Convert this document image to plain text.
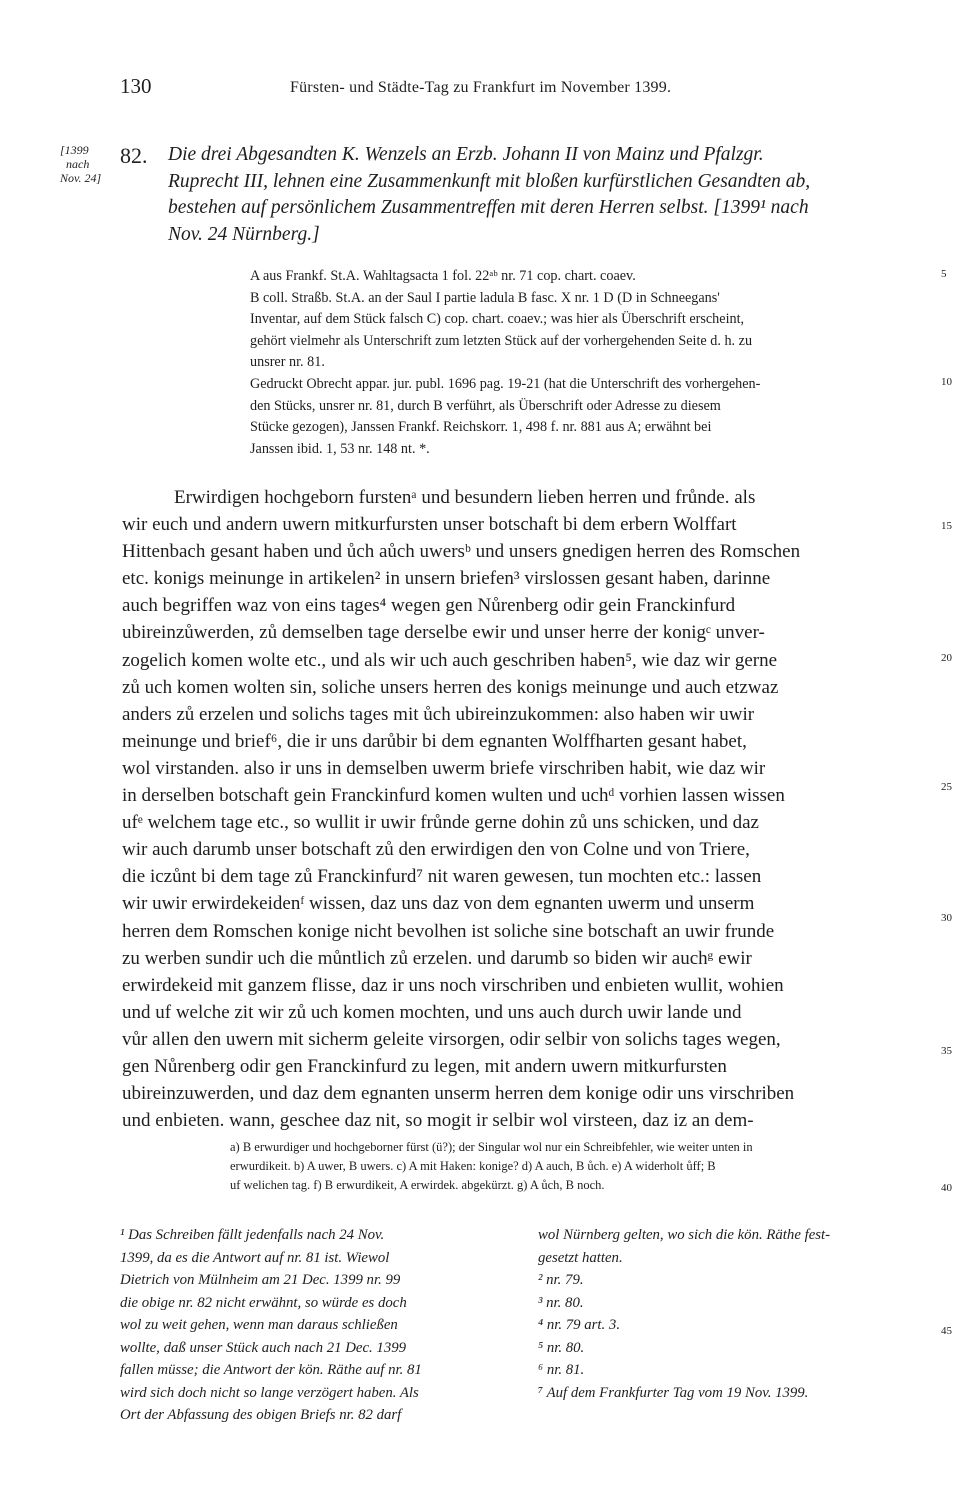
130	Fürsten- und Städte-Tag zu Frankfurt im November 1399.
[1399
nach
Nov. 24]
82. Die drei Abgesandten K. Wenzels an Erzb. Johann II von Mainz und Pfalzgr.
Ruprecht III, lehnen eine Zusammenkunft mit bloßen kurfürstlichen Gesandten ab,
bestehen auf persönlichem Zusammentreffen mit deren Herren selbst. [1399¹ nach
Nov. 24 Nürnberg.]
A aus Frankf. St.A. Wahltagsacta 1 fol. 22ᵃᵇ nr. 71 cop. chart. coaev.
B coll. Straßb. St.A. an der Saul I partie ladula B fasc. X nr. 1 D (D in Schneegans'
Inventar, auf dem Stück falsch C) cop. chart. coaev.; was hier als Überschrift erscheint,
gehört vielmehr als Unterschrift zum letzten Stück auf der vorhergehenden Seite d. h. zu
unsrer nr. 81.
Gedruckt Obrecht appar. jur. publ. 1696 pag. 19-21 (hat die Unterschrift des vorhergehen-
den Stücks, unsrer nr. 81, durch B verführt, als Überschrift oder Adresse zu diesem
Stücke gezogen), Janssen Frankf. Reichskorr. 1, 498 f. nr. 881 aus A; erwähnt bei
Janssen ibid. 1, 53 nr. 148 nt. *.
5
10
15
20
25
30
35
40
45
Erwirdigen hochgeborn furstenᵃ und besundern lieben herren und frůnde. als
wir euch und andern uwern mitkurfursten unser botschaft bi dem erbern Wolffart
Hittenbach gesant haben und ůch aůch uwersᵇ und unsers gnedigen herren des Romschen
etc. konigs meinunge in artikelen² in unsern briefen³ virslossen gesant haben, darinne
auch begriffen waz von eins tages⁴ wegen gen Nůrenberg odir gein Franckinfurd
ubireinzůwerden, zů demselben tage derselbe ewir und unser herre der konigᶜ unver-
zogelich komen wolte etc., und als wir uch auch geschriben haben⁵, wie daz wir gerne
zů uch komen wolten sin, soliche unsers herren des konigs meinunge und auch etzwaz
anders zů erzelen und solichs tages mit ůch ubireinzukommen: also haben wir uwir
meinunge und brief⁶, die ir uns darůbir bi dem egnanten Wolffharten gesant habet,
wol virstanden. also ir uns in demselben uwerm briefe virschriben habit, wie daz wir
in derselben botschaft gein Franckinfurd komen wulten und uchᵈ vorhien lassen wissen
ufᵉ welchem tage etc., so wullit ir uwir frůnde gerne dohin zů uns schicken, und daz
wir auch darumb unser botschaft zů den erwirdigen den von Colne und von Triere,
die iczůnt bi dem tage zů Franckinfurd⁷ nit waren gewesen, tun mochten etc.: lassen
wir uwir erwirdekeidenᶠ wissen, daz uns daz von dem egnanten uwerm und unserm
herren dem Romschen konige nicht bevolhen ist soliche sine botschaft an uwir frunde
zu werben sundir uch die můntlich zů erzelen. und darumb so biden wir auchᵍ ewir
erwirdekeid mit ganzem flisse, daz ir uns noch virschriben und enbieten wullit, wohien
und uf welche zit wir zů uch komen mochten, und uns auch durch uwir lande und
vůr allen den uwern mit sicherm geleite virsorgen, odir selbir von solichs tages wegen,
gen Nůrenberg odir gen Franckinfurd zu legen, mit andern uwern mitkurfursten
ubireinzuwerden, und daz dem egnanten unserm herren dem konige odir uns virschriben
und enbieten. wann, geschee daz nit, so mogit ir selbir wol virsteen, daz iz an dem-
a) B erwurdiger und hochgeborner fürst (ü?); der Singular wol nur ein Schreibfehler, wie weiter unten in
erwurdikeit. b) A uwer, B uwers. c) A mit Haken: konige? d) A auch, B ůch. e) A widerholt ůff; B
uf welichen tag. f) B erwurdikeit, A erwirdek. abgekürzt. g) A ůch, B noch.
¹ Das Schreiben fällt jedenfalls nach 24 Nov.
1399, da es die Antwort auf nr. 81 ist. Wiewol
Dietrich von Mülnheim am 21 Dec. 1399 nr. 99
die obige nr. 82 nicht erwähnt, so würde es doch
wol zu weit gehen, wenn man daraus schließen
wollte, daß unser Stück auch nach 21 Dec. 1399
fallen müsse; die Antwort der kön. Räthe auf nr. 81
wird sich doch nicht so lange verzögert haben. Als
Ort der Abfassung des obigen Briefs nr. 82 darf
wol Nürnberg gelten, wo sich die kön. Räthe fest-
gesetzt hatten.
² nr. 79.
³ nr. 80.
⁴ nr. 79 art. 3.
⁵ nr. 80.
⁶ nr. 81.
⁷ Auf dem Frankfurter Tag vom 19 Nov. 1399.
